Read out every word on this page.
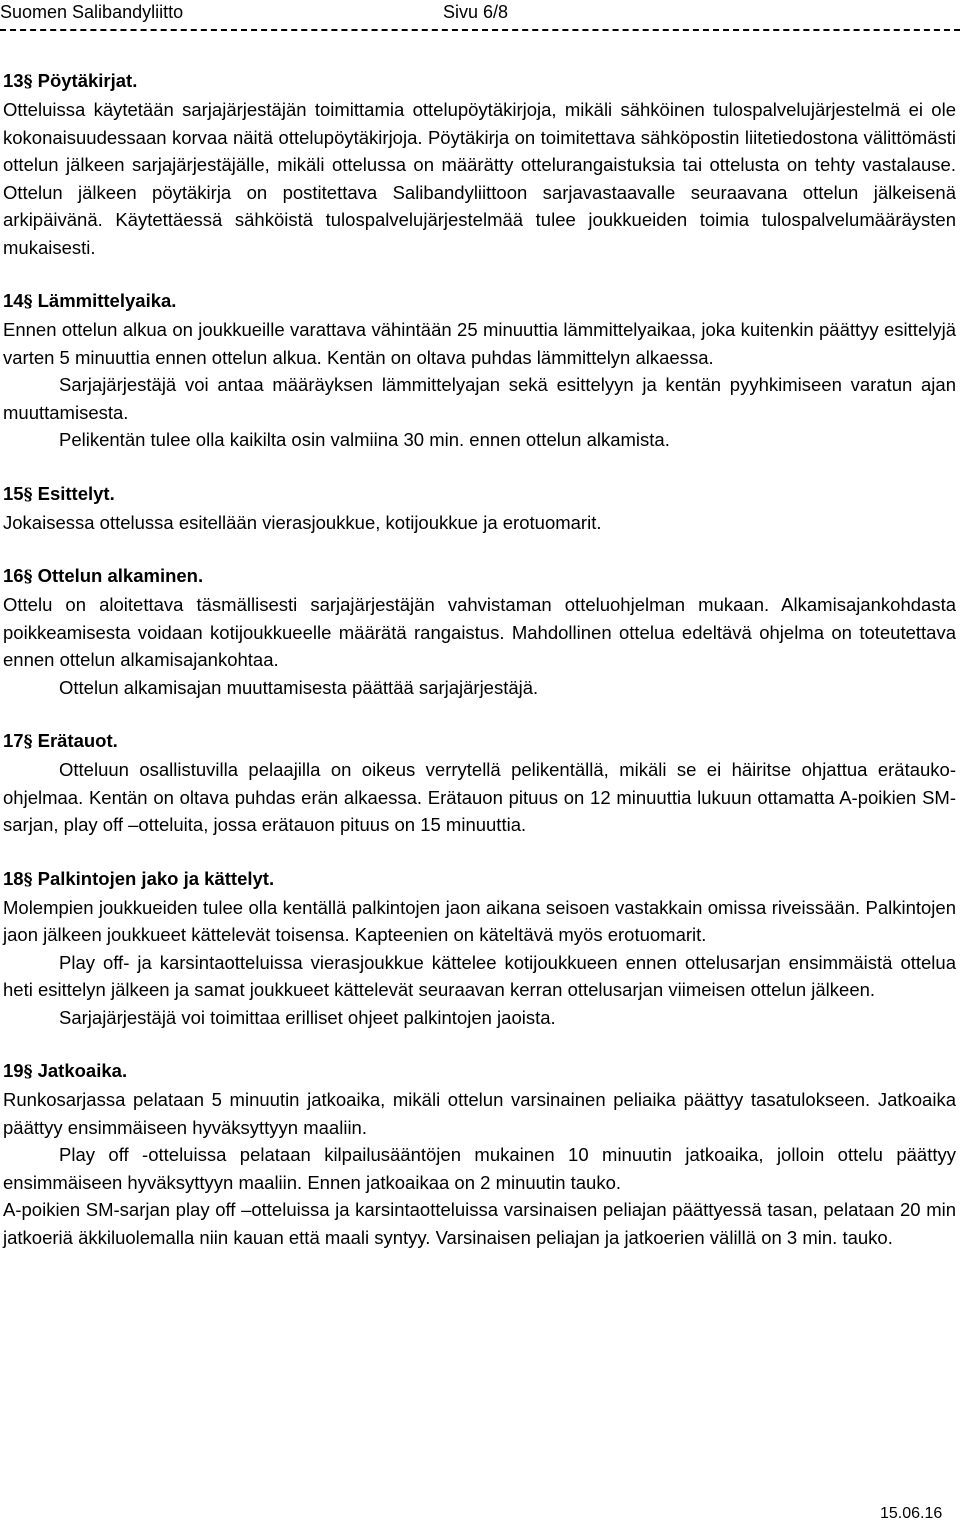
Suomen Salibandyliitto	Sivu 6/8

13§ Pöytäkirjat.

Otteluissa käytetään sarjajärjestäjän toimittamia ottelupöytäkirjoja, mikäli sähköinen tulospalvelujärjestelmä ei ole kokonaisuudessaan korvaa näitä ottelupöytäkirjoja. Pöytäkirja on toimitettava sähköpostin liitetiedostona välittömästi ottelun jälkeen sarjajärjestäjälle, mikäli ottelussa on määrätty ottelurangaistuksia tai ottelusta on tehty vastalause. Ottelun jälkeen pöytäkirja on postitettava Salibandyliittoon sarjavastaavalle seuraavana ottelun jälkeisenä arkipäivänä. Käytettäessä sähköistä tulospalvelujärjestelmää tulee joukkueiden toimia tulospalvelumääräysten mukaisesti.

14§ Lämmittelyaika.

Ennen ottelun alkua on joukkueille varattava vähintään 25 minuuttia lämmittelyaikaa, joka kuitenkin päättyy esittelyjä varten 5 minuuttia ennen ottelun alkua. Kentän on oltava puhdas lämmittelyn alkaessa.

Sarjajärjestäjä voi antaa määräyksen lämmittelyajan sekä esittelyyn ja kentän pyyhkimiseen varatun ajan muuttamisesta.

Pelikentän tulee olla kaikilta osin valmiina 30 min. ennen ottelun alkamista.

15§ Esittelyt.

Jokaisessa ottelussa esitellään vierasjoukkue, kotijoukkue ja erotuomarit.

16§ Ottelun alkaminen.

Ottelu on aloitettava täsmällisesti sarjajärjestäjän vahvistaman otteluohjelman mukaan. Alkamisajankohdasta poikkeamisesta voidaan kotijoukkueelle määrätä rangaistus. Mahdollinen ottelua edeltävä ohjelma on toteutettava ennen ottelun alkamisajankohtaa.

Ottelun alkamisajan muuttamisesta päättää sarjajärjestäjä.

17§ Erätauot.

Otteluun osallistuvilla pelaajilla on oikeus verrytellä pelikentällä, mikäli se ei häiritse ohjattua erätauko-ohjelmaa. Kentän on oltava puhdas erän alkaessa. Erätauon pituus on 12 minuuttia lukuun ottamatta A-poikien SM-sarjan, play off –otteluita, jossa erätauon pituus on 15 minuuttia.

18§ Palkintojen jako ja kättelyt.

Molempien joukkueiden tulee olla kentällä palkintojen jaon aikana seisoen vastakkain omissa riveissään. Palkintojen jaon jälkeen joukkueet kättelevät toisensa. Kapteenien on käteltävä myös erotuomarit.

Play off- ja karsintaotteluissa vierasjoukkue kättelee kotijoukkueen ennen ottelusarjan ensimmäistä ottelua heti esittelyn jälkeen ja samat joukkueet kättelevät seuraavan kerran ottelusarjan viimeisen ottelun jälkeen.

Sarjajärjestäjä voi toimittaa erilliset ohjeet palkintojen jaoista.

19§ Jatkoaika.

Runkosarjassa pelataan 5 minuutin jatkoaika, mikäli ottelun varsinainen peliaika päättyy tasatulokseen. Jatkoaika päättyy ensimmäiseen hyväksyttyyn maaliin.

Play off -otteluissa pelataan kilpailusääntöjen mukainen 10 minuutin jatkoaika, jolloin ottelu päättyy ensimmäiseen hyväksyttyyn maaliin. Ennen jatkoaikaa on 2 minuutin tauko.

A-poikien SM-sarjan play off –otteluissa ja karsintaotteluissa varsinaisen peliajan päättyessä tasan, pelataan 20 min jatkoeriä äkkiluolemalla niin kauan että maali syntyy. Varsinaisen peliajan ja jatkoerien välillä on 3 min. tauko.

15.06.16
